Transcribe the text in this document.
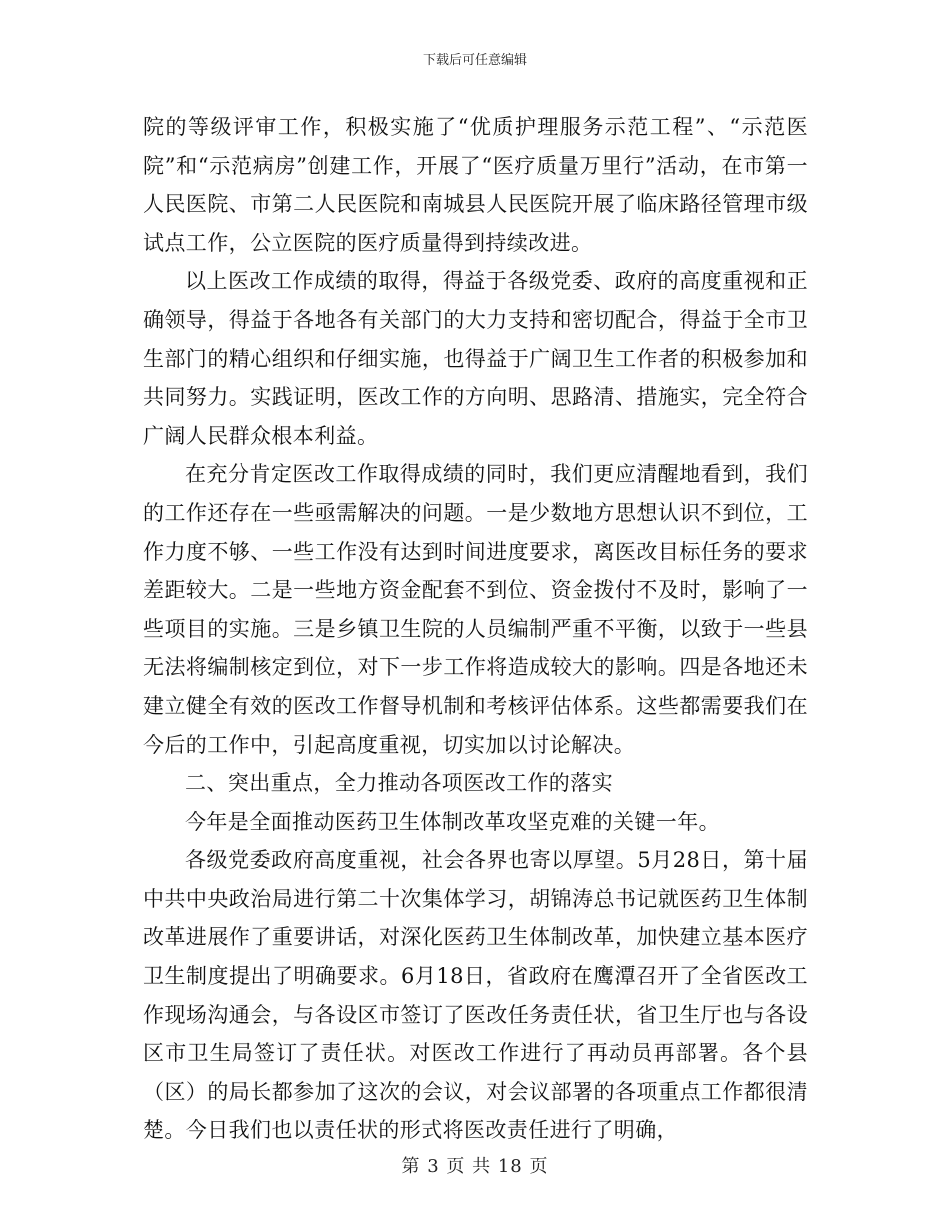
下载后可任意编辑

院的等级评审工作，积极实施了“优质护理服务示范工程”、“示范医院”和“示范病房”创建工作，开展了“医疗质量万里行”活动，在市第一人民医院、市第二人民医院和南城县人民医院开展了临床路径管理市级试点工作，公立医院的医疗质量得到持续改进。

以上医改工作成绩的取得，得益于各级党委、政府的高度重视和正确领导，得益于各地各有关部门的大力支持和密切配合，得益于全市卫生部门的精心组织和仔细实施，也得益于广阔卫生工作者的积极参加和共同努力。实践证明，医改工作的方向明、思路清、措施实，完全符合广阔人民群众根本利益。

在充分肯定医改工作取得成绩的同时，我们更应清醒地看到，我们的工作还存在一些亟需解决的问题。一是少数地方思想认识不到位，工作力度不够、一些工作没有达到时间进度要求，离医改目标任务的要求差距较大。二是一些地方资金配套不到位、资金拨付不及时，影响了一些项目的实施。三是乡镇卫生院的人员编制严重不平衡，以致于一些县无法将编制核定到位，对下一步工作将造成较大的影响。四是各地还未建立健全有效的医改工作督导机制和考核评估体系。这些都需要我们在今后的工作中，引起高度重视，切实加以讨论解决。

二、突出重点，全力推动各项医改工作的落实

今年是全面推动医药卫生体制改革攻坚克难的关键一年。

各级党委政府高度重视，社会各界也寄以厚望。5月28日，第十届中共中央政治局进行第二十次集体学习，胡锦涛总书记就医药卫生体制改革进展作了重要讲话，对深化医药卫生体制改革，加快建立基本医疗卫生制度提出了明确要求。6月18日，省政府在鹰潭召开了全省医改工作现场沟通会，与各设区市签订了医改任务责任状，省卫生厅也与各设区市卫生局签订了责任状。对医改工作进行了再动员再部署。各个县（区）的局长都参加了这次的会议，对会议部署的各项重点工作都很清楚。今日我们也以责任状的形式将医改责任进行了明确，

第 3 页 共 18 页
